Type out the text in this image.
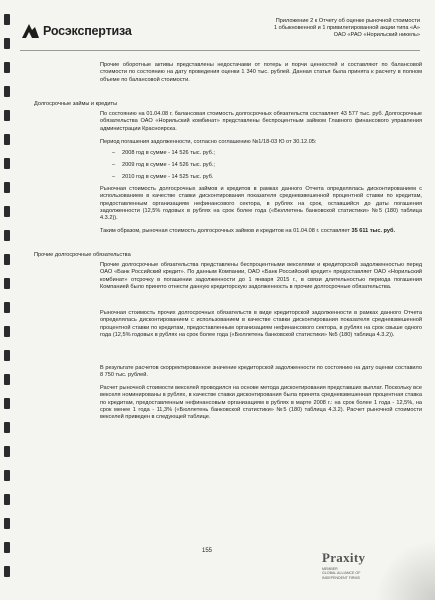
Росэкспертиза
Приложение 2 к Отчету об оценке рыночной стоимости
1 обыкновенной и 1 привилегированной акции типа «А»
ОАО «РАО «Норильский никель»

Прочие оборотные активы представлены недостачами от потерь и порчи ценностей и составляют по балансовой стоимости по состоянию на дату проведения оценки 1 340 тыс. рублей. Данная статья была принята к расчету в полном объеме по балансовой стоимости.

Долгосрочные займы и кредиты

По состоянию на 01.04.08 г. балансовая стоимость долгосрочных обязательств составляет 43 577 тыс. руб. Долгосрочные обязательства ОАО «Норильский комбинат» представлены беспроцентным займом Главного финансового управления администрации Красноярска.

Период погашения задолженности, согласно соглашению №1/18-03 Ю от 30.12.05:

– 2008 год в сумме - 14 526 тыс. руб.;
– 2009 год в сумме - 14 526 тыс. руб.;
– 2010 год в сумме - 14 525 тыс. руб.

Рыночная стоимость долгосрочных займов и кредитов в рамках данного Отчета определялась дисконтированием с использованием в качестве ставки дисконтирования показателя средневзвешенной процентной ставки по кредитам, предоставленным организациям нефинансового сектора, в рублях на срок, оставшийся до даты погашения задолженности (12,5% годовых в рублях на срок более года («Бюллетень банковской статистики» №5 (180) таблица 4.3.2)).

Таким образом, рыночная стоимость долгосрочных займов и кредитов на 01.04.08 г. составляет 35 611 тыс. руб.

Прочие долгосрочные обязательства

Прочие долгосрочные обязательства представлены беспроцентными векселями и кредиторской задолженностью перед ОАО «Банк Российский кредит». По данным Компании, ОАО «Банк Российский кредит» предоставляет ОАО «Норильский комбинат» отсрочку в погашении задолженности до 1 января 2015 г., в связи длительностью периода погашения Компанией было принято отнести данную кредиторскую задолженность в прочие долгосрочные обязательства.

Рыночная стоимость прочих долгосрочных обязательств в виде кредиторской задолженности в рамках данного Отчета определялась дисконтированием с использованием в качестве ставки дисконтирования показателя средневзвешенной процентной ставки по кредитам, предоставленным организациям нефинансового сектора, в рублях на срок свыше одного года (12,5% годовых в рублях на срок более года («Бюллетень банковской статистики» №5 (180) таблица 4.3.2)).

В результате расчетов скорректированное значение кредиторской задолженности по состоянию на дату оценки составило 8 750 тыс. рублей.

Расчет рыночной стоимости векселей проводился на основе метода дисконтирования представших выплат. Поскольку все векселя номинированы в рублях, в качестве ставки дисконтирования была принята средневзвешенная процентная ставка по кредитам, предоставленным нефинансовым организациям в рублях в марте 2008 г.: на срок более 1 года - 12,5%, на срок менее 1 года - 11,3% («Бюллетень банковской статистики» №5 (180) таблица 4.3.2). Расчет рыночной стоимости векселей приведен в следующей таблице.

155	Praxity
MEMBER
GLOBAL ALLIANCE OF
INDEPENDENT FIRMS
